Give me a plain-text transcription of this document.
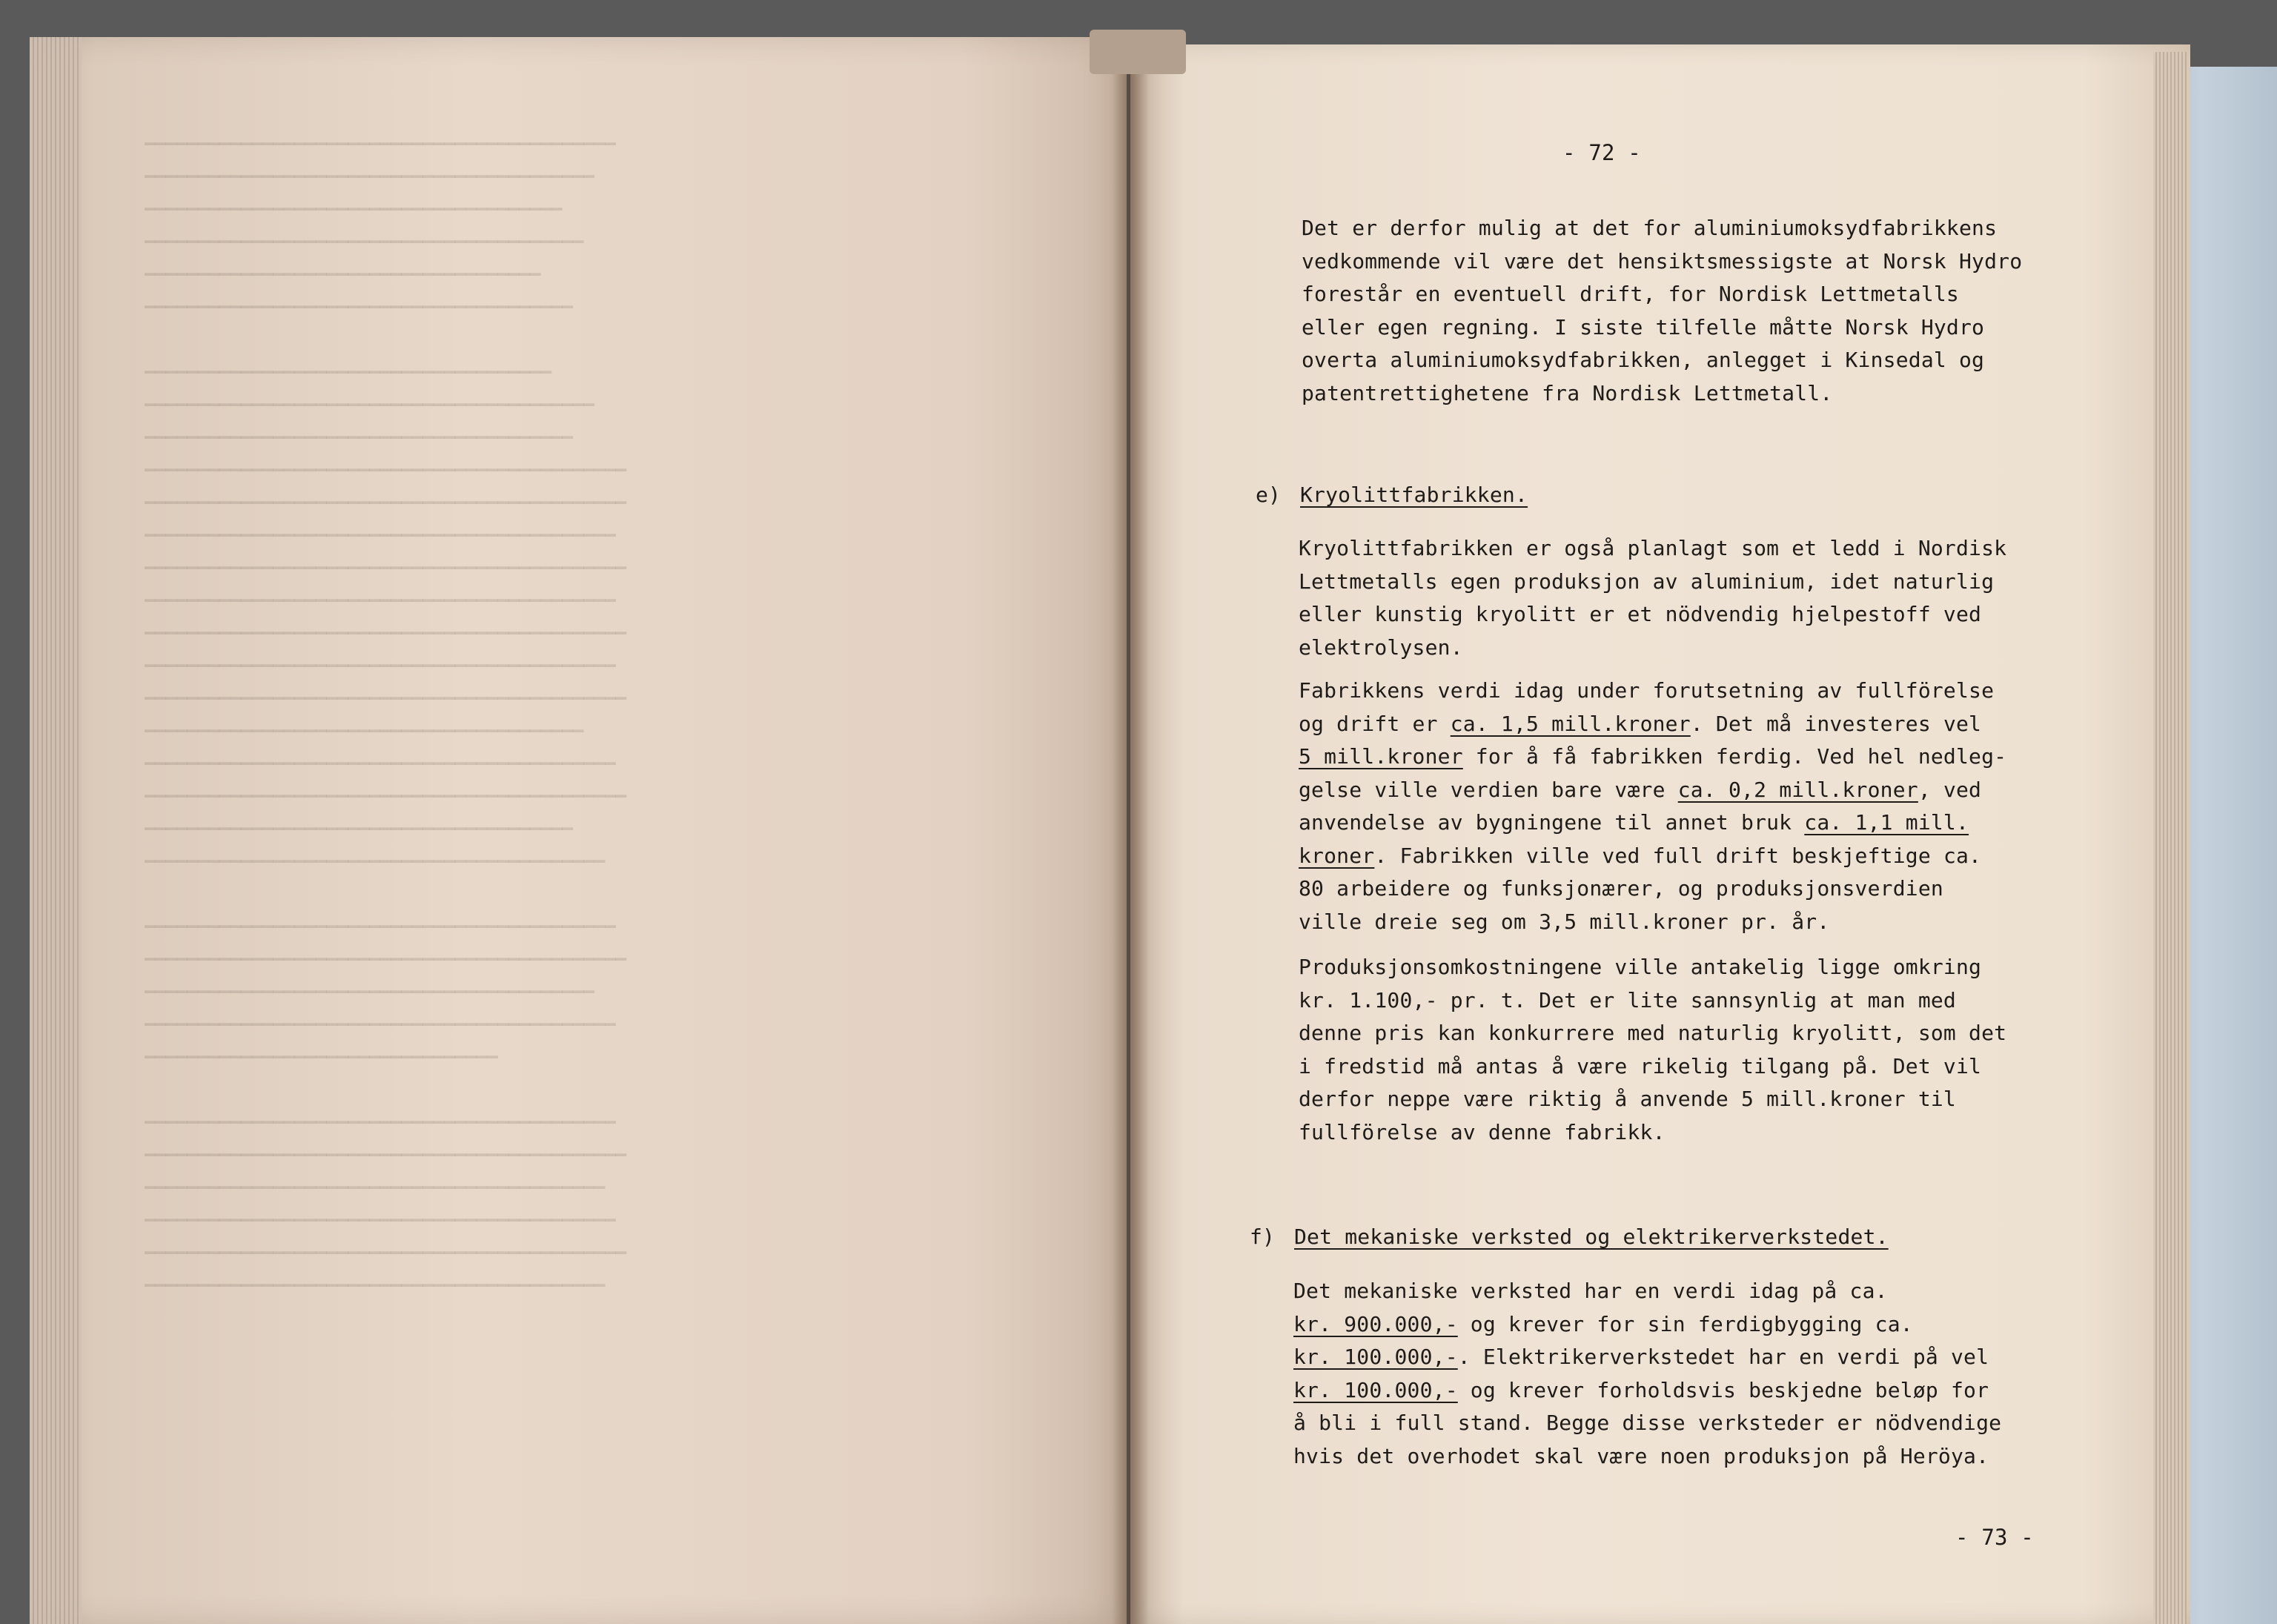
▁▁▁▁▁▁▁▁▁▁▁▁▁▁▁▁▁▁▁▁▁▁▁▁▁▁▁▁▁▁▁▁▁▁▁▁▁▁▁▁▁▁▁▁
▁▁▁▁▁▁▁▁▁▁▁▁▁▁▁▁▁▁▁▁▁▁▁▁▁▁▁▁▁▁▁▁▁▁▁▁▁▁▁▁▁▁
▁▁▁▁▁▁▁▁▁▁▁▁▁▁▁▁▁▁▁▁▁▁▁▁▁▁▁▁▁▁▁▁▁▁▁▁▁▁▁
▁▁▁▁▁▁▁▁▁▁▁▁▁▁▁▁▁▁▁▁▁▁▁▁▁▁▁▁▁▁▁▁▁▁▁▁▁▁▁▁▁
▁▁▁▁▁▁▁▁▁▁▁▁▁▁▁▁▁▁▁▁▁▁▁▁▁▁▁▁▁▁▁▁▁▁▁▁▁
▁▁▁▁▁▁▁▁▁▁▁▁▁▁▁▁▁▁▁▁▁▁▁▁▁▁▁▁▁▁▁▁▁▁▁▁▁▁▁▁
▁▁▁▁▁▁▁▁▁▁▁▁▁▁▁▁▁▁▁▁▁▁▁▁▁▁▁▁▁▁▁▁▁▁▁▁▁▁
▁▁▁▁▁▁▁▁▁▁▁▁▁▁▁▁▁▁▁▁▁▁▁▁▁▁▁▁▁▁▁▁▁▁▁▁▁▁▁▁▁▁
▁▁▁▁▁▁▁▁▁▁▁▁▁▁▁▁▁▁▁▁▁▁▁▁▁▁▁▁▁▁▁▁▁▁▁▁▁▁▁▁
▁▁▁▁▁▁▁▁▁▁▁▁▁▁▁▁▁▁▁▁▁▁▁▁▁▁▁▁▁▁▁▁▁▁▁▁▁▁▁▁▁▁▁▁▁
▁▁▁▁▁▁▁▁▁▁▁▁▁▁▁▁▁▁▁▁▁▁▁▁▁▁▁▁▁▁▁▁▁▁▁▁▁▁▁▁▁▁▁▁▁
▁▁▁▁▁▁▁▁▁▁▁▁▁▁▁▁▁▁▁▁▁▁▁▁▁▁▁▁▁▁▁▁▁▁▁▁▁▁▁▁▁▁▁▁
▁▁▁▁▁▁▁▁▁▁▁▁▁▁▁▁▁▁▁▁▁▁▁▁▁▁▁▁▁▁▁▁▁▁▁▁▁▁▁▁▁▁▁▁▁
▁▁▁▁▁▁▁▁▁▁▁▁▁▁▁▁▁▁▁▁▁▁▁▁▁▁▁▁▁▁▁▁▁▁▁▁▁▁▁▁▁▁▁▁
▁▁▁▁▁▁▁▁▁▁▁▁▁▁▁▁▁▁▁▁▁▁▁▁▁▁▁▁▁▁▁▁▁▁▁▁▁▁▁▁▁▁▁▁▁
▁▁▁▁▁▁▁▁▁▁▁▁▁▁▁▁▁▁▁▁▁▁▁▁▁▁▁▁▁▁▁▁▁▁▁▁▁▁▁▁▁▁▁▁
▁▁▁▁▁▁▁▁▁▁▁▁▁▁▁▁▁▁▁▁▁▁▁▁▁▁▁▁▁▁▁▁▁▁▁▁▁▁▁▁▁▁▁▁▁
▁▁▁▁▁▁▁▁▁▁▁▁▁▁▁▁▁▁▁▁▁▁▁▁▁▁▁▁▁▁▁▁▁▁▁▁▁▁▁▁▁
▁▁▁▁▁▁▁▁▁▁▁▁▁▁▁▁▁▁▁▁▁▁▁▁▁▁▁▁▁▁▁▁▁▁▁▁▁▁▁▁▁▁▁▁
▁▁▁▁▁▁▁▁▁▁▁▁▁▁▁▁▁▁▁▁▁▁▁▁▁▁▁▁▁▁▁▁▁▁▁▁▁▁▁▁▁▁▁▁▁
▁▁▁▁▁▁▁▁▁▁▁▁▁▁▁▁▁▁▁▁▁▁▁▁▁▁▁▁▁▁▁▁▁▁▁▁▁▁▁▁
▁▁▁▁▁▁▁▁▁▁▁▁▁▁▁▁▁▁▁▁▁▁▁▁▁▁▁▁▁▁▁▁▁▁▁▁▁▁▁▁▁▁▁
▁▁▁▁▁▁▁▁▁▁▁▁▁▁▁▁▁▁▁▁▁▁▁▁▁▁▁▁▁▁▁▁▁▁▁▁▁▁▁▁▁▁▁▁
▁▁▁▁▁▁▁▁▁▁▁▁▁▁▁▁▁▁▁▁▁▁▁▁▁▁▁▁▁▁▁▁▁▁▁▁▁▁▁▁▁▁▁▁▁
▁▁▁▁▁▁▁▁▁▁▁▁▁▁▁▁▁▁▁▁▁▁▁▁▁▁▁▁▁▁▁▁▁▁▁▁▁▁▁▁▁▁
▁▁▁▁▁▁▁▁▁▁▁▁▁▁▁▁▁▁▁▁▁▁▁▁▁▁▁▁▁▁▁▁▁▁▁▁▁▁▁▁▁▁▁▁
▁▁▁▁▁▁▁▁▁▁▁▁▁▁▁▁▁▁▁▁▁▁▁▁▁▁▁▁▁▁▁▁▁
▁▁▁▁▁▁▁▁▁▁▁▁▁▁▁▁▁▁▁▁▁▁▁▁▁▁▁▁▁▁▁▁▁▁▁▁▁▁▁▁▁▁▁▁
▁▁▁▁▁▁▁▁▁▁▁▁▁▁▁▁▁▁▁▁▁▁▁▁▁▁▁▁▁▁▁▁▁▁▁▁▁▁▁▁▁▁▁▁▁
▁▁▁▁▁▁▁▁▁▁▁▁▁▁▁▁▁▁▁▁▁▁▁▁▁▁▁▁▁▁▁▁▁▁▁▁▁▁▁▁▁▁▁
▁▁▁▁▁▁▁▁▁▁▁▁▁▁▁▁▁▁▁▁▁▁▁▁▁▁▁▁▁▁▁▁▁▁▁▁▁▁▁▁▁▁▁▁
▁▁▁▁▁▁▁▁▁▁▁▁▁▁▁▁▁▁▁▁▁▁▁▁▁▁▁▁▁▁▁▁▁▁▁▁▁▁▁▁▁▁▁▁▁
▁▁▁▁▁▁▁▁▁▁▁▁▁▁▁▁▁▁▁▁▁▁▁▁▁▁▁▁▁▁▁▁▁▁▁▁▁▁▁▁▁▁▁
- 72 -
Det er derfor mulig at det for aluminiumoksydfabrikkens
vedkommende vil være det hensiktsmessigste at Norsk Hydro
forestår en eventuell drift, for Nordisk Lettmetalls
eller egen regning. I siste tilfelle måtte Norsk Hydro
overta aluminiumoksydfabrikken, anlegget i Kinsedal og
patentrettighetene fra Nordisk Lettmetall.
e) Kryolittfabrikken.
Kryolittfabrikken er også planlagt som et ledd i Nordisk
Lettmetalls egen produksjon av aluminium, idet naturlig
eller kunstig kryolitt er et nödvendig hjelpestoff ved
elektrolysen.
Fabrikkens verdi idag under forutsetning av fullförelse
og drift er ca. 1,5 mill.kroner. Det må investeres vel
5 mill.kroner for å få fabrikken ferdig. Ved hel nedleg-
gelse ville verdien bare være ca. 0,2 mill.kroner, ved
anvendelse av bygningene til annet bruk ca. 1,1 mill.
kroner. Fabrikken ville ved full drift beskjeftige ca.
80 arbeidere og funksjonærer, og produksjonsverdien
ville dreie seg om 3,5 mill.kroner pr. år.
Produksjonsomkostningene ville antakelig ligge omkring
kr. 1.100,- pr. t. Det er lite sannsynlig at man med
denne pris kan konkurrere med naturlig kryolitt, som det
i fredstid må antas å være rikelig tilgang på. Det vil
derfor neppe være riktig å anvende 5 mill.kroner til
fullförelse av denne fabrikk.
f) Det mekaniske verksted og elektrikerverkstedet.
Det mekaniske verksted har en verdi idag på ca.
kr. 900.000,- og krever for sin ferdigbygging ca.
kr. 100.000,-. Elektrikerverkstedet har en verdi på vel
kr. 100.000,- og krever forholdsvis beskjedne beløp for
å bli i full stand. Begge disse verksteder er nödvendige
hvis det overhodet skal være noen produksjon på Heröya.
- 73 -
